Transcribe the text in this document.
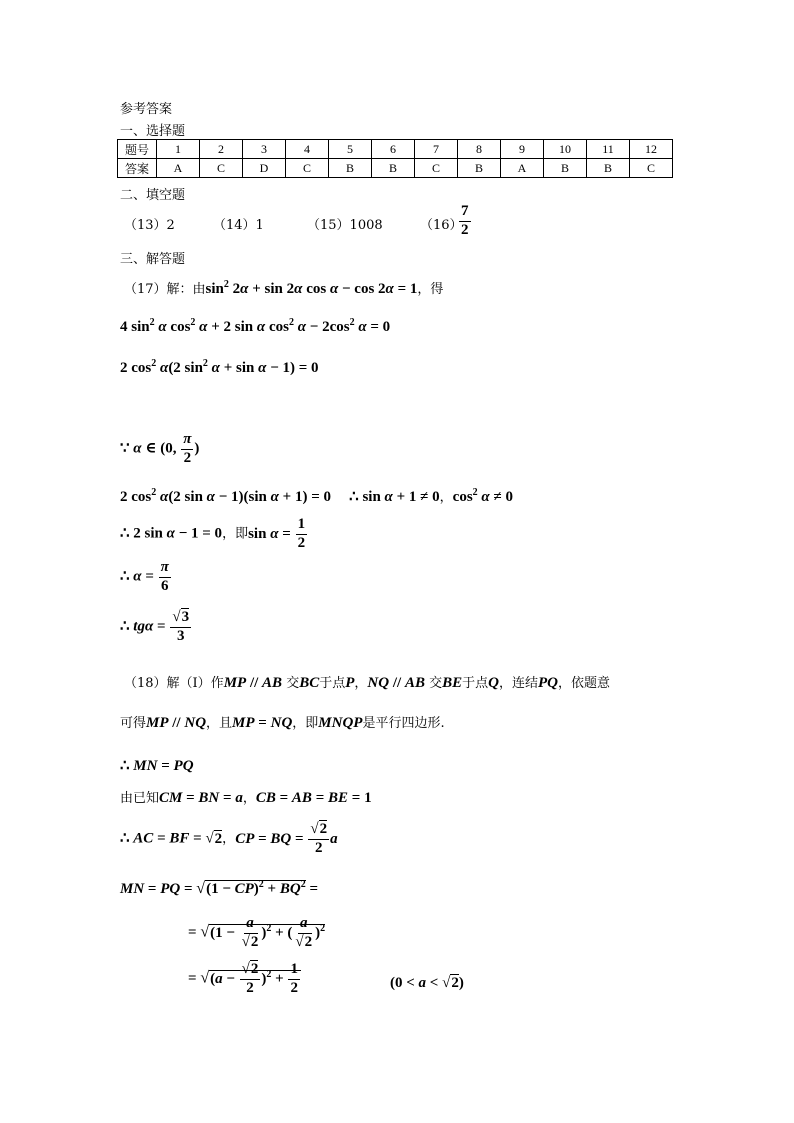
参考答案
一、选择题
题号	1	2	3	4	5	6	7	8	9	10	11	12
答案	A	C	D	C	B	B	C	B	A	B	B	C
二、填空题
（13）2	（14）1	（15）1008	（16）
$\frac{7}{2}$
三、解答题
（17）解：由$\sin^2 2\alpha + \sin 2\alpha$ cos α − cos 2α = 1，得
4 $\sin^2 \alpha$ $\cos^2 \alpha + 2$ sin α $\cos^2 \alpha - 2\cos^2$ α = 0
2 $\cos^2 \alpha(2$ $\sin^2 \alpha + \sin \alpha - 1) = 0$
∵ α ∈ (0, $\frac{\pi}{2}$ )
2 $\cos^2 \alpha(2$ sin α − 1)(sin α + 1) = 0 ∴ sin α + 1 ≠ 0，$\cos^2 \alpha \ne 0$
∴ 2 sin α − 1 = 0，即$\sin \alpha = \frac{1}{2}$
∴ $\alpha = \frac{\pi}{6}$
∴ $tg\alpha = \frac{√3}{3}$
（18）解（I）作MP // AB 交BC于点P，NQ // AB 交BE于点Q，连结PQ，依题意
可得MP // NQ，且MP = NQ，即MNQP是平行四边形.
∴ MN = PQ
由已知CM = BN = a，CB = AB = BE = 1
∴ AC = BF = √2，CP = BQ = $\frac{√2}{2}$ a
MN = PQ = $√(1 - CP)^2 + BQ^2$ =
= $√(1 - \frac{a}{√2} )^2$ + ( $\frac{a}{√2} )^2$
= $√(a - \frac{√2}{2} )^2 + \frac{1}{2}$	(0 < a < √2)
